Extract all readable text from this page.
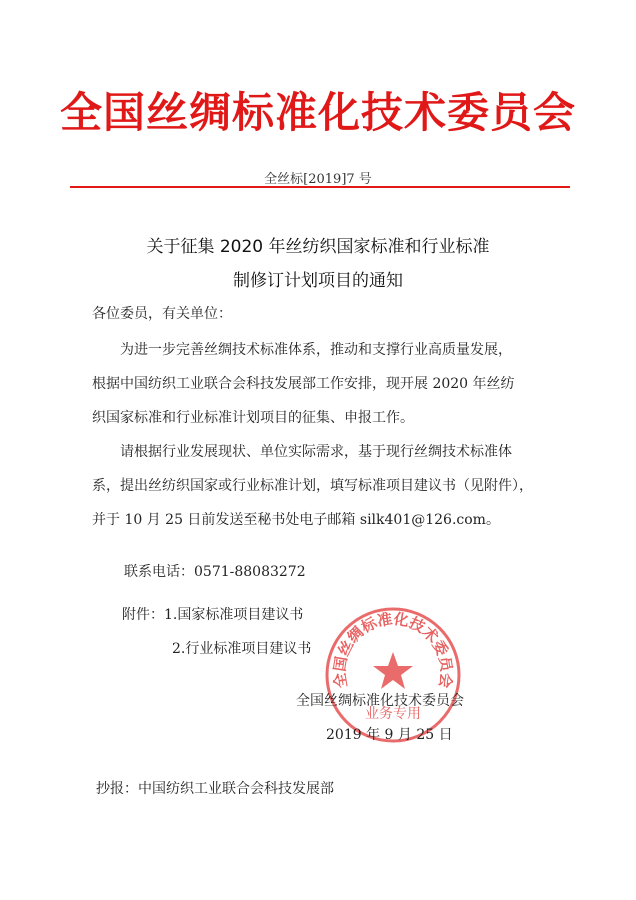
全国丝绸标准化技术委员会
全丝标[2019]7 号
关于征集 2020 年丝纺织国家标准和行业标准
制修订计划项目的通知
各位委员，有关单位：
为进一步完善丝绸技术标准体系，推动和支撑行业高质量发展，
根据中国纺织工业联合会科技发展部工作安排，现开展 2020 年丝纺
织国家标准和行业标准计划项目的征集、申报工作。
请根据行业发展现状、单位实际需求，基于现行丝绸技术标准体
系，提出丝纺织国家或行业标准计划，填写标准项目建议书（见附件），
并于 10 月 25 日前发送至秘书处电子邮箱 silk401@126.com。
联系电话：0571-88083272
附件：1.国家标准项目建议书
2.行业标准项目建议书
全国丝绸标准化技术委员会
业务专用
全国丝绸标准化技术委员会
2019 年 9 月 25 日
抄报：中国纺织工业联合会科技发展部
